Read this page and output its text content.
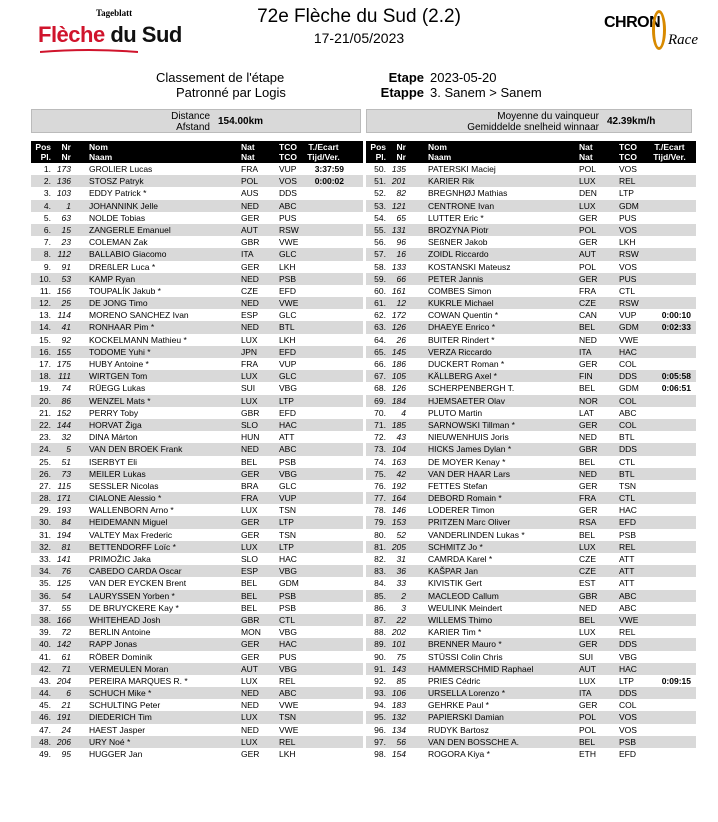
Tageblatt
Flèche du Sud
72e Flèche du Sud (2.2)
17-21/05/2023
CHRON
Race
Classement de l'étape
Patronné par Logis
Etape
Etappe
2023-05-20
3. Sanem > Sanem
Distance
Afstand
154.00km	Moyenne du vainqueur
Gemiddelde snelheid winnaar
42.39km/h
Pos
Pl.
Nr
Nr
Nom
Naam
Nat
Nat
TCO
TCO
T./Ecart
Tijd/Ver.
1. 173 GROLIER Lucas	FRA VUP	3:37:59
2. 136 STOSZ Patryk	POL VOS	0:00:02
3. 103 EDDY Patrick *	AUS DDS
4.	1 JOHANNINK Jelle	NED ABC
5.	63 NOLDE Tobias	GER PUS
6.	15 ZANGERLE Emanuel	AUT RSW
7.	23 COLEMAN Zak	GBR VWE
8. 112 BALLABIO Giacomo	ITA	GLC
9.	91 DREßLER Luca *	GER LKH
10.	53 KAMP Ryan	NED PSB
11. 156 TOUPALÍK Jakub *	CZE EFD
12.	25 DE JONG Timo	NED VWE
13. 114 MORENO SANCHEZ Ivan	ESP GLC
14.	41 RONHAAR Pim *	NED BTL
15.	92 KOCKELMANN Mathieu *	LUX	LKH
16. 155 TODOME Yuhi *	JPN	EFD
17. 175 HUBY Antoine *	FRA VUP
18. 111 WIRTGEN Tom	LUX	GLC
19.	74 RÜEGG Lukas	SUI	VBG
20.	86 WENZEL Mats *	LUX	LTP
21. 152 PERRY Toby	GBR EFD
22. 144 HORVAT Žiga	SLO HAC
23.	32 DINA Márton	HUN ATT
24.	5 VAN DEN BROEK Frank	NED ABC
25.	51 ISERBYT Eli	BEL	PSB
26.	73 MEILER Lukas	GER VBG
27. 115 SESSLER Nicolas	BRA GLC
28. 171 CIALONE Alessio *	FRA VUP
29. 193 WALLENBORN Arno *	LUX	TSN
30.	84 HEIDEMANN Miguel	GER LTP
31. 194 VALTEY Max Frederic	GER TSN
32.	81 BETTENDORFF Loïc *	LUX	LTP
33. 141 PRIMOŽIC Jaka	SLO HAC
34.	76 CABEDO CARDA Oscar	ESP VBG
35. 125 VAN DER EYCKEN Brent	BEL	GDM
36.	54 LAURYSSEN Yorben *	BEL	PSB
37.	55 DE BRUYCKERE Kay *	BEL	PSB
38. 166 WHITEHEAD Josh	GBR CTL
39.	72 BERLIN Antoine	MON VBG
40. 142 RAPP Jonas	GER HAC
41.	61 RÖBER Dominik	GER PUS
42.	71 VERMEULEN Moran	AUT VBG
43. 204 PEREIRA MARQUES R. *	LUX	REL
44.	6 SCHUCH Mike *	NED ABC
45.	21 SCHULTING Peter	NED VWE
46. 191 DIEDERICH Tim	LUX	TSN
47.	24 HAEST Jasper	NED VWE
48. 206 URY Noé *	LUX	REL
49.	95 HUGGER Jan	GER LKH
Pos
Pl.
Nr
Nr
Nom
Naam
Nat
Nat
TCO
TCO
T./Ecart
Tijd/Ver.
50. 135	PATERSKI Maciej	POL	VOS
51. 201	KARIER Rik	LUX	REL
52.	82	BREGNHØJ Mathias	DEN	LTP
53. 121	CENTRONE Ivan	LUX	GDM
54.	65	LUTTER Eric *	GER	PUS
55. 131	BROZYNA Piotr	POL	VOS
56.	96	SEßNER Jakob	GER	LKH
57.	16	ZOIDL Riccardo	AUT	RSW
58. 133	KOSTANSKI Mateusz	POL	VOS
59.	66	PETER Jannis	GER	PUS
60. 161	COMBES Simon	FRA	CTL
61.	12	KUKRLE Michael	CZE	RSW
62. 172	COWAN Quentin *	CAN	VUP	0:00:10
63. 126	DHAEYE Enrico *	BEL	GDM	0:02:33
64.	26	BUITER Rindert *	NED	VWE
65. 145	VERZA Riccardo	ITA	HAC
66. 186	DUCKERT Roman *	GER	COL
67. 105	KÄLLBERG Axel *	FIN	DDS	0:05:58
68. 126	SCHERPENBERGH T.	BEL	GDM	0:06:51
69. 184	HJEMSAETER Olav	NOR COL
70.	4	PLUTO Martin	LAT	ABC
71. 185	SARNOWSKI Tillman *	GER	COL
72.	43	NIEUWENHUIS Joris	NED	BTL
73. 104	HICKS James Dylan *	GBR	DDS
74. 163	DE MOYER Kenay *	BEL	CTL
75.	42	VAN DER HAAR Lars	NED	BTL
76. 192	FETTES Stefan	GER	TSN
77. 164	DEBORD Romain *	FRA	CTL
78. 146	LODERER Timon	GER	HAC
79. 153	PRITZEN Marc Oliver	RSA	EFD
80.	52	VANDERLINDEN Lukas *	BEL	PSB
81. 205	SCHMITZ Jo *	LUX	REL
82.	31	CAMRDA Karel *	CZE	ATT
83.	36	KAŠPAR Jan	CZE	ATT
84.	33	KIVISTIK Gert	EST	ATT
85.	2	MACLEOD Callum	GBR	ABC
86.	3	WEULINK Meindert	NED	ABC
87.	22	WILLEMS Thimo	BEL	VWE
88. 202	KARIER Tim *	LUX	REL
89. 101	BRENNER Mauro *	GER	DDS
90.	75	STÜSSI Colin Chris	SUI	VBG
91. 143	HAMMERSCHMID Raphael	AUT	HAC
92.	85	PRIES Cédric	LUX	LTP	0:09:15
93. 106	URSELLA Lorenzo *	ITA	DDS
94. 183	GEHRKE Paul *	GER	COL
95. 132	PAPIERSKI Damian	POL	VOS
96. 134	RUDYK Bartosz	POL	VOS
97.	56	VAN DEN BOSSCHE A.	BEL	PSB
98. 154	ROGORA Kiya *	ETH	EFD
